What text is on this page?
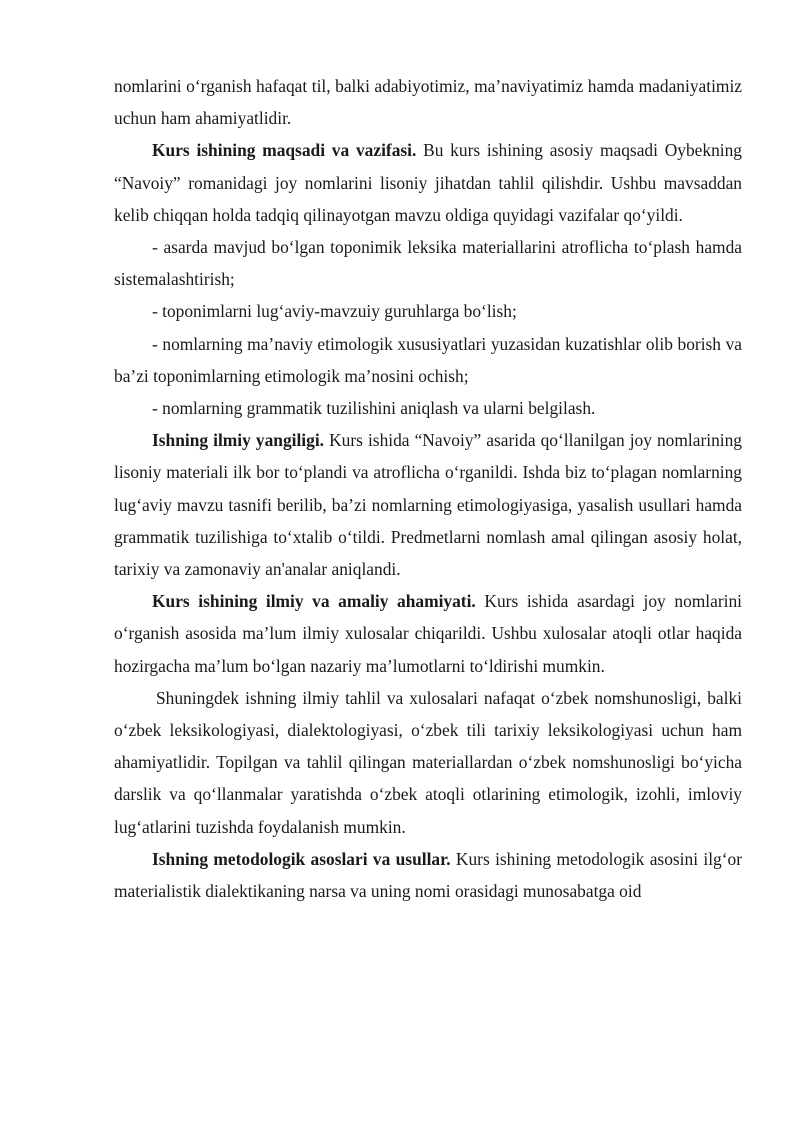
nomlarini o‘rganish hafaqat til, balki adabiyotimiz, ma’naviyatimiz hamda madaniyatimiz uchun ham ahamiyatlidir.

Kurs ishining maqsadi va vazifasi. Bu kurs ishining asosiy maqsadi Oybekning “Navoiy” romanidagi joy nomlarini lisoniy jihatdan tahlil qilishdir. Ushbu mavsaddan kelib chiqqan holda tadqiq qilinayotgan mavzu oldiga quyidagi vazifalar qo‘yildi.

- asarda mavjud bo‘lgan toponimik leksika materiallarini atroflicha to‘plash hamda sistemalashtirish;

- toponimlarni lug‘aviy-mavzuiy guruhlarga bo‘lish;

- nomlarning ma’naviy etimologik xususiyatlari yuzasidan kuzatishlar olib borish va ba’zi toponimlarning etimologik ma’nosini ochish;

- nomlarning grammatik tuzilishini aniqlash va ularni belgilash.

Ishning ilmiy yangiligi. Kurs ishida “Navoiy” asarida qo‘llanilgan joy nomlarining lisoniy materiali ilk bor to‘plandi va atroflicha o‘rganildi. Ishda biz to‘plagan nomlarning lug‘aviy mavzu tasnifi berilib, ba’zi nomlarning etimologiyasiga, yasalish usullari hamda grammatik tuzilishiga to‘xtalib o‘tildi. Predmetlarni nomlash amal qilingan asosiy holat, tarixiy va zamonaviy an'analar aniqlandi.

Kurs ishining ilmiy va amaliy ahamiyati. Kurs ishida asardagi joy nomlarini o‘rganish asosida ma’lum ilmiy xulosalar chiqarildi. Ushbu xulosalar atoqli otlar haqida hozirgacha ma’lum bo‘lgan nazariy ma’lumotlarni to‘ldirishi mumkin.

Shuningdek ishning ilmiy tahlil va xulosalari nafaqat o‘zbek nomshunosligi, balki o‘zbek leksikologiyasi, dialektologiyasi, o‘zbek tili tarixiy leksikologiyasi uchun ham ahamiyatlidir. Topilgan va tahlil qilingan materiallardan o‘zbek nomshunosligi bo‘yicha darslik va qo‘llanmalar yaratishda o‘zbek atoqli otlarining etimologik, izohli, imloviy lug‘atlarini tuzishda foydalanish mumkin.

Ishning metodologik asoslari va usullar. Kurs ishining metodologik asosini ilg‘or materialistik dialektikaning narsa va uning nomi orasidagi munosabatga oid
